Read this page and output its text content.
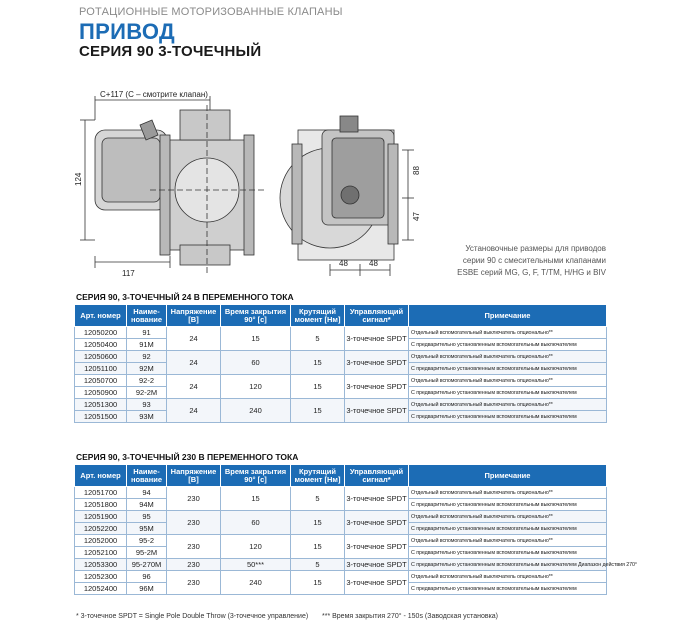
РОТАЦИОННЫЕ МОТОРИЗОВАННЫЕ КЛАПАНЫ
ПРИВОД
СЕРИЯ 90 3-ТОЧЕЧНЫЙ
C+117 (C – смотрите клапан)
124
117
48	48
88
47
Установочные размеры для приводов
серии 90 с смесительными клапанами
ESBE серий MG, G, F, T/TM, H/HG и BIV
СЕРИЯ 90, 3-ТОЧЕЧНЫЙ 24 В ПЕРЕМЕННОГО ТОКА
Арт. номер	Наиме-нование	Напряжение [В]	Время закрытия 90° [с]	Крутящий момент [Нм]	Управляющий сигнал*	Примечание
12050200	91	24	15	5	3-точечное SPDT	Отдельный вспомогательный выключатель опционально**
12050400	91M					С предварительно установленным вспомогательным выключателем
12050600	92	24	60	15	3-точечное SPDT	Отдельный вспомогательный выключатель опционально**
12051100	92M					С предварительно установленным вспомогательным выключателем
12050700	92-2	24	120	15	3-точечное SPDT	Отдельный вспомогательный выключатель опционально**
12050900	92-2M					С предварительно установленным вспомогательным выключателем
12051300	93	24	240	15	3-точечное SPDT	Отдельный вспомогательный выключатель опционально**
12051500	93M					С предварительно установленным вспомогательным выключателем
СЕРИЯ 90, 3-ТОЧЕЧНЫЙ 230 В ПЕРЕМЕННОГО ТОКА
Арт. номер	Наиме-нование	Напряжение [В]	Время закрытия 90° [с]	Крутящий момент [Нм]	Управляющий сигнал*	Примечание
12051700	94	230	15	5	3-точечное SPDT	Отдельный вспомогательный выключатель опционально**
12051800	94M					С предварительно установленным вспомогательным выключателем
12051900	95	230	60	15	3-точечное SPDT	Отдельный вспомогательный выключатель опционально**
12052200	95M					С предварительно установленным вспомогательным выключателем
12052000	95-2	230	120	15	3-точечное SPDT	Отдельный вспомогательный выключатель опционально**
12052100	95-2M					С предварительно установленным вспомогательным выключателем
12053300	95-270M	230	50***	5	3-точечное SPDT	С предварительно установленным вспомогательным выключателем Диапазон действия 270°
12052300	96	230	240	15	3-точечное SPDT	Отдельный вспомогательный выключатель опционально**
12052400	96M					С предварительно установленным вспомогательным выключателем
* 3-точечное SPDT = Single Pole Double Throw (3-точечное управление) *** Время закрытия 270° - 150s (Заводская установка)
